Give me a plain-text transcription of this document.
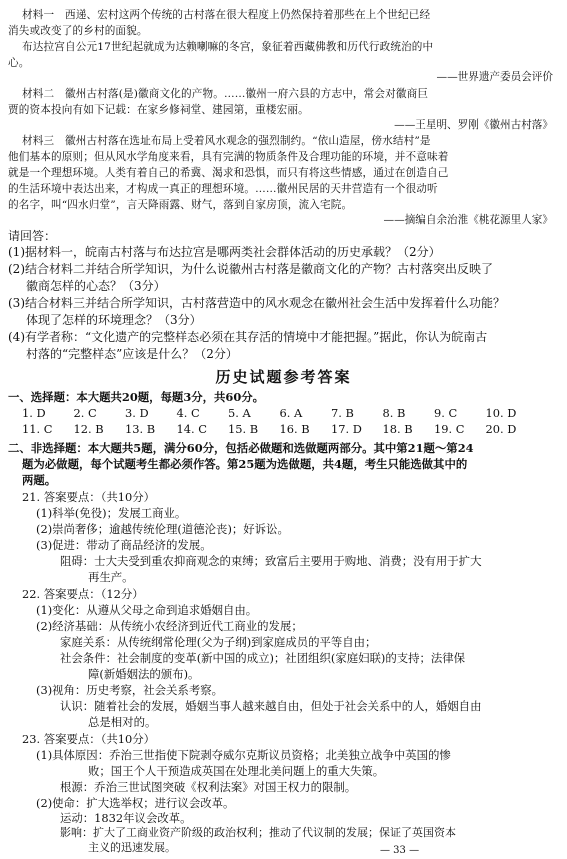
材料一　西递、宏村这两个传统的古村落在很大程度上仍然保持着那些在上个世纪已经
消失或改变了的乡村的面貌。
布达拉宫自公元17世纪起就成为达赖喇嘛的冬宫，象征着西藏佛教和历代行政统治的中
心。
——世界遗产委员会评价
材料二　徽州古村落(是)徽商文化的产物。……徽州一府六县的方志中，常会对徽商巨
贾的资本投向有如下记载：在家乡修祠堂、建园第，重楼宏丽。
——王星明、罗刚《徽州古村落》
材料三　徽州古村落在选址布局上受着风水观念的强烈制约。“依山造屋，傍水结村”是
他们基本的原则；但从风水学角度来看，具有完满的物质条件及合理功能的环境，并不意味着
就是一个理想环境。人类有着自己的希冀、渴求和恐惧，而只有将这些情感，通过在创造自己
的生活环境中表达出来，才构成一真正的理想环境。……徽州民居的天井营造有一个很动听
的名字，叫“四水归堂”，言天降雨露、财气，落到自家房顶，流入宅院。
——摘编自余治淮《桃花源里人家》
请回答：
(1)据材料一，皖南古村落与布达拉宫是哪两类社会群体活动的历史承载？（2分）
(2)结合材料二并结合所学知识，为什么说徽州古村落是徽商文化的产物？古村落突出反映了
徽商怎样的心态？（3分）
(3)结合材料三并结合所学知识，古村落营造中的风水观念在徽州社会生活中发挥着什么功能？
体现了怎样的环境理念？（3分）
(4)有学者称：“文化遗产的完整样态必须在其存活的情境中才能把握。”据此，你认为皖南古
村落的“完整样态”应该是什么？（2分）
历史试题参考答案
一、选择题：本大题共20题，每题3分，共60分。
1. D 2. C 3. D 4. C 5. A	6. A	7. B	8. B	9. C 10. D
11. C 12. B 13. B 14. C 15. B 16. B 17. D 18. B 19. C 20. D
二、非选择题：本大题共5题，满分60分，包括必做题和选做题两部分。其中第21题～第24
题为必做题，每个试题考生都必须作答。第25题为选做题，共4题，考生只能选做其中的
两题。
21. 答案要点：（共10分）
(1)科举(免役)；发展工商业。
(2)崇尚奢侈；逾越传统伦理(道德沦丧)；好诉讼。
(3)促进：带动了商品经济的发展。
阻碍：士大夫受到重农抑商观念的束缚；致富后主要用于购地、消费；没有用于扩大
再生产。
22. 答案要点：（12分）
(1)变化：从遵从父母之命到追求婚姻自由。
(2)经济基础：从传统小农经济到近代工商业的发展；
家庭关系：从传统纲常伦理(父为子纲)到家庭成员的平等自由；
社会条件：社会制度的变革(新中国的成立)；社团组织(家庭妇联)的支持；法律保
障(新婚姻法的颁布)。
(3)视角：历史考察，社会关系考察。
认识：随着社会的发展，婚姻当事人越来越自由，但处于社会关系中的人，婚姻自由
总是相对的。
23. 答案要点：（共10分）
(1)具体原因：乔治三世指使下院剥夺威尔克斯议员资格；北美独立战争中英国的惨
败；国王个人干预造成英国在处理北美问题上的重大失策。
根源：乔治三世试图突破《权利法案》对国王权力的限制。
(2)使命：扩大选举权；进行议会改革。
运动：1832年议会改革。
影响：扩大了工商业资产阶级的政治权利；推动了代议制的发展；保证了英国资本
主义的迅速发展。	— 33 —
